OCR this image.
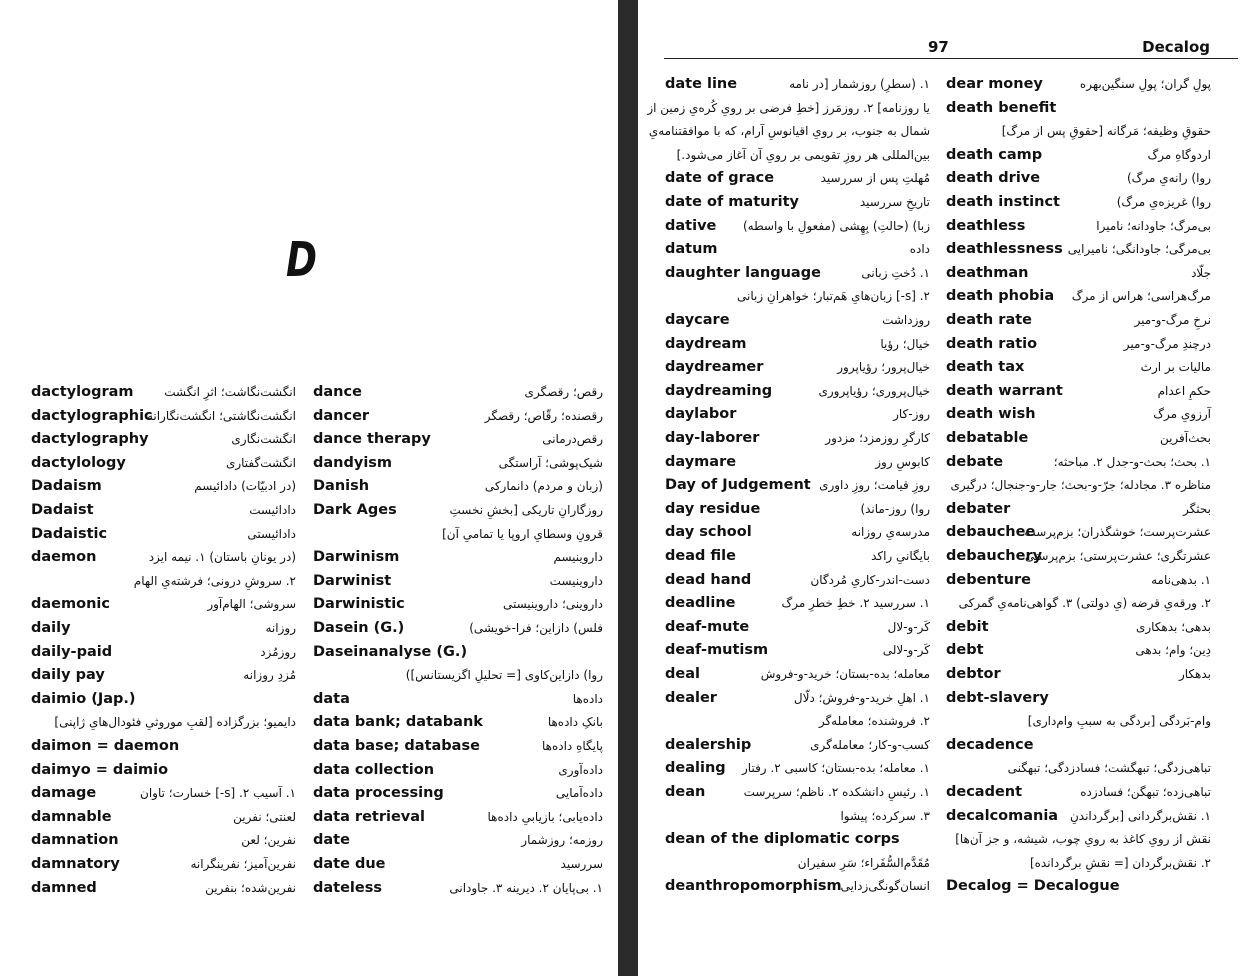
D
dactylogram	انگشت‌نگاشت؛ اثرِ انگشت
dactylographic
انگشت‌نگاشتی؛ انگشت‌نگارانه
dactylography	انگشت‌نگاری
dactylology	انگشت‌گفتاری
Dadaism	(در ادبیّات) دادائیسم
Dadaist	دادائیست
Dadaistic	دادائیستی
daemon	(در یونانِ باستان) ۱. نیمه ایزد
۲. سروشِ درونی؛ فرشته‌یِ الهام
daemonic	سروشی؛ الهام‌آور
daily	روزانه
daily-paid	روزمُزد
daily pay	مُزدِ روزانه
daimio (Jap.)
دایمیو؛ بزرگزاده [لقبِ موروثیِ فئودال‌هایِ ژاپنی]
daimon = daemon
daimyo = daimio
damage	۱. آسیب ۲. [s-] خسارت؛ تاوان
damnable	لعنتی؛ نفرین
damnation	نفرین؛ لعن
damnatory	نفرین‌آمیز؛ نفرینگرانه
damned	نفرین‌شده؛ بنفرین
dance	رقص؛ رقصگری
dancer	رقصنده؛ رقّاص؛ رقصگر
dance therapy	رقص‌درمانی
dandyism	شیک‌پوشی؛ آراستگی
Danish	(زبان و مردم) دانمارکی
Dark Ages	روزگارانِ تاریکی [بخشِ نخستِ
قرونِ وسطایِ اروپا یا تمامیِ آن]
Darwinism	داروینیسم
Darwinist	داروینیست
Darwinistic	داروینی؛ داروینیستی
Dasein (G.)	فلس) دازاین؛ فرا-خویشی)
Daseinanalyse (G.)
روا) دازاین‌کاوی [= تحلیلِ اگزیستانس])
data	داده‌ها
data bank; databank	بانکِ داده‌ها
data base; database	پایگاهِ داده‌ها
data collection	داده‌آوری
data processing	داده‌آمایی
data retrieval	داده‌یابی؛ بازیابیِ داده‌ها
date	روزمه؛ روزشمار
date due	سررسید
dateless	۱. بی‌پایان ۲. دیرینه ۳. جاودانی
97	Decalog
date line	۱. (سطرِ) روزشمار [در نامه
یا روزنامه] ۲. روزمَرز [خطِ فرضی بر رویِ کُره‌یِ زمین از
شمال به جنوب، بر رویِ اقیانوسِ آرام، که با موافقتنامه‌یِ
بین‌المللی هر روزِ تقویمی بر رویِ آن آغاز می‌شود.]
date of grace	مُهلتِ پس از سررسید
date of maturity	تاریخِ سررسید
dative زبا) (حالتِ) بِهِشی (مفعولِ با واسطه)
datum	داده
daughter language	۱. دُختِ زبانی
۲. [s-] زبان‌هایِ هَم‌تبار؛ خواهرانِ زبانی
daycare	روزداشت
daydream	خیال؛ رؤیا
daydreamer	خیال‌پرور؛ رؤیاپرور
daydreaming	خیال‌پروری؛ رؤیاپروری
daylabor	روز-کار
day-laborer	کارگرِ روزمزد؛ مزدور
daymare	کابوسِ روز
Day of Judgement روزِ قیامت؛ روزِ داوری
day residue	روا) روز-ماند)
day school	مدرسه‌یِ روزانه
dead file	بایگانیِ راکد
dead hand	دست-اندر-کاریِ مُردگان
deadline	۱. سررسید ۲. خطِ خطرِ مرگ
deaf-mute	کَر-و-لال
deaf-mutism	کَر-و-لالی
deal	معامله؛ بده-بستان؛ خرید-و-فروش
dealer	۱. اهلِ خرید-و-فروش؛ دلّال
۲. فروشنده؛ معامله‌گر
dealership	کسب-و-کار؛ معامله‌گری
dealing ۱. معامله؛ بده-بستان؛ کاسبی ۲. رفتار
dean	۱. رئیسِ دانشکده ۲. ناظم؛ سرپرست
۳. سرکرده؛ پیشوا
dean of the diplomatic corps
مُقَدَّم‌السُّفَراء؛ سَرِ سفیران
deanthropomorphism
انسان‌گونگی‌زدایی
dear money	پولِ گران؛ پولِ سنگین‌بهره
death benefit
حقوقِ وظیفه؛ مَرگانه [حقوقِ پس از مرگ]
death camp	اردوگاهِ مرگ
death drive	روا) رانه‌یِ مرگ)
death instinct	روا) غریزه‌یِ مرگ)
deathless	بی‌مرگ؛ جاودانه؛ نامیرا
deathlessness بی‌مرگی؛ جاودانگی؛ نامیرایی
deathman	جلّاد
death phobia مرگ‌هراسی؛ هراس از مرگ
death rate	نرخِ مرگ-و-میر
death ratio	درچندِ مرگ-و-میر
death tax	مالیات بر ارث
death warrant	حکمِ اعدام
death wish	آرزویِ مرگ
debatable	بحث‌آفرین
debate	۱. بحث؛ بحث-و-جدل ۲. مباحثه؛
مناظره ۳. مجادله؛ جرّ-و-بحث؛ جار-و-جنجال؛ درگیری
debater	بحثگر
debauchee
عشرت‌پرست؛ خوشگذران؛ بزم‌پرست
debauchery
عشرتگری؛ عشرت‌پرستی؛ بزم‌پرستی
debenture	۱. بدهی‌نامه
۲. ورقه‌یِ قرضه (یِ دولتی) ۳. گواهی‌نامه‌یِ گمرکی
debit	بدهی؛ بدهکاری
debt	دِین؛ وام؛ بدهی
debtor	بدهکار
debt-slavery
وام-بَردگی [بردگی به سببِ وام‌داری]
decadence
تباهی‌زدگی؛ تبهگشت؛ فسادزدگی؛ تبهگنی
decadent	تباهی‌زده؛ تبهگن؛ فسادزده
decalcomania ۱. نقش‌برگردانی [برگرداندنِ
نقش از رویِ کاغذ به رویِ چوب، شیشه، و جز آن‌ها]
۲. نقش‌برگردان [= نقشِ برگردانده]
Decalog = Decalogue
